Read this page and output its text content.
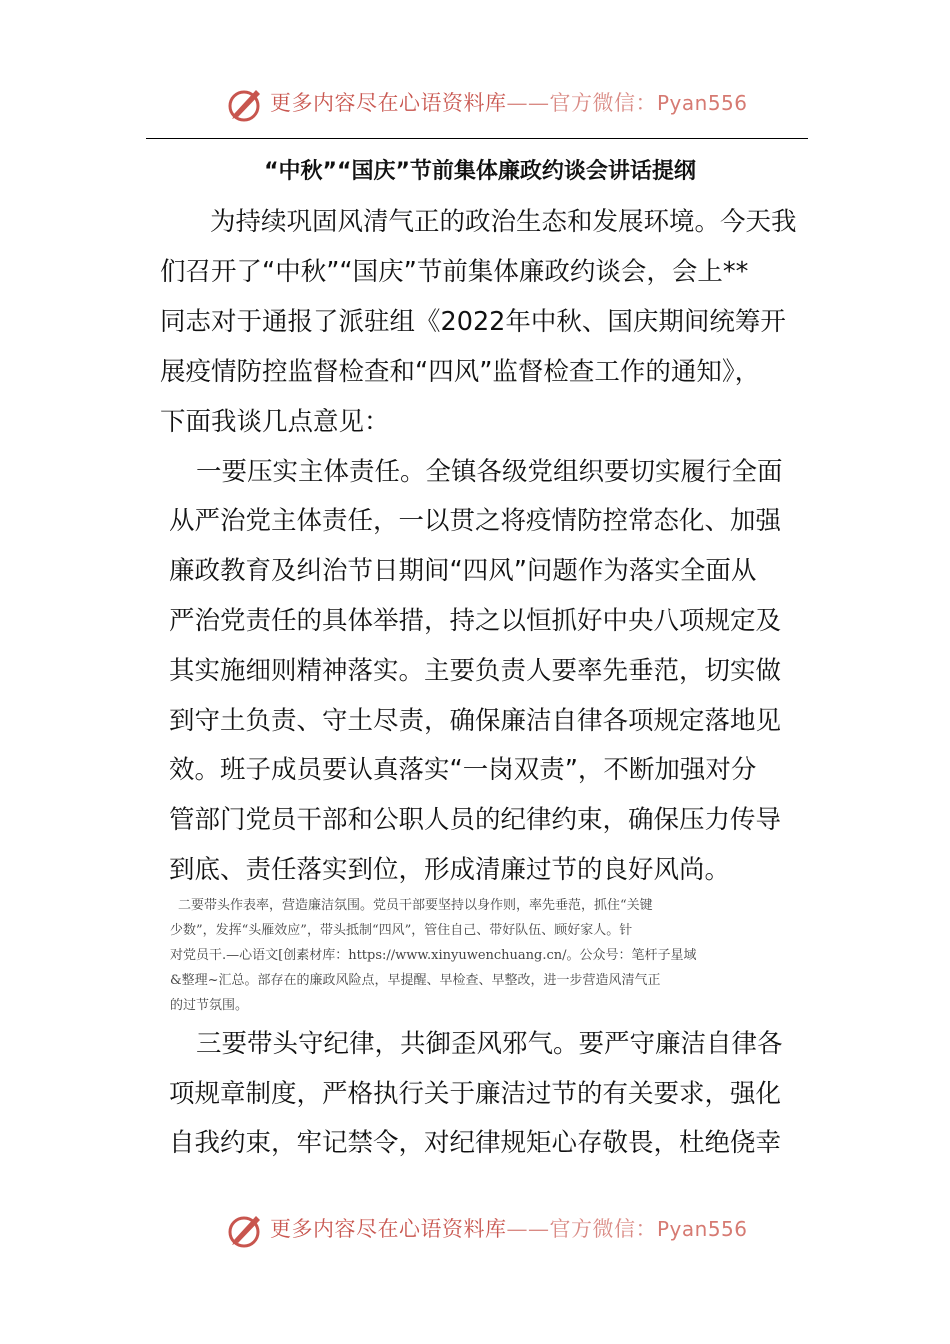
更多内容尽在心语资料库——官方微信：Pyan556
“中秋”“国庆”节前集体廉政约谈会讲话提纲
为持续巩固风清气正的政治生态和发展环境。今天我
们召开了“中秋”“国庆”节前集体廉政约谈会，会上**
同志对于通报了派驻组《2022年中秋、国庆期间统筹开
展疫情防控监督检查和“四风”监督检查工作的通知》，
下面我谈几点意见：
一要压实主体责任。全镇各级党组织要切实履行全面
从严治党主体责任，一以贯之将疫情防控常态化、加强
廉政教育及纠治节日期间“四风”问题作为落实全面从
严治党责任的具体举措，持之以恒抓好中央八项规定及
其实施细则精神落实。主要负责人要率先垂范，切实做
到守土负责、守土尽责，确保廉洁自律各项规定落地见
效。班子成员要认真落实“一岗双责”，不断加强对分
管部门党员干部和公职人员的纪律约束，确保压力传导
到底、责任落实到位，形成清廉过节的良好风尚。
二要带头作表率，营造廉洁氛围。党员干部要坚持以身作则，率先垂范，抓住“关键
少数”，发挥“头雁效应”，带头抵制“四风”，管住自己、带好队伍、顾好家人。针
对党员干.—心语文[创素材库：https://www.xinyuwenchuang.cn/。公众号：笔杆子星域
&整理~汇总。部存在的廉政风险点，早提醒、早检查、早整改，进一步营造风清气正
的过节氛围。
三要带头守纪律，共御歪风邪气。要严守廉洁自律各
项规章制度，严格执行关于廉洁过节的有关要求，强化
自我约束，牢记禁令，对纪律规矩心存敬畏，杜绝侥幸
更多内容尽在心语资料库——官方微信：Pyan556
